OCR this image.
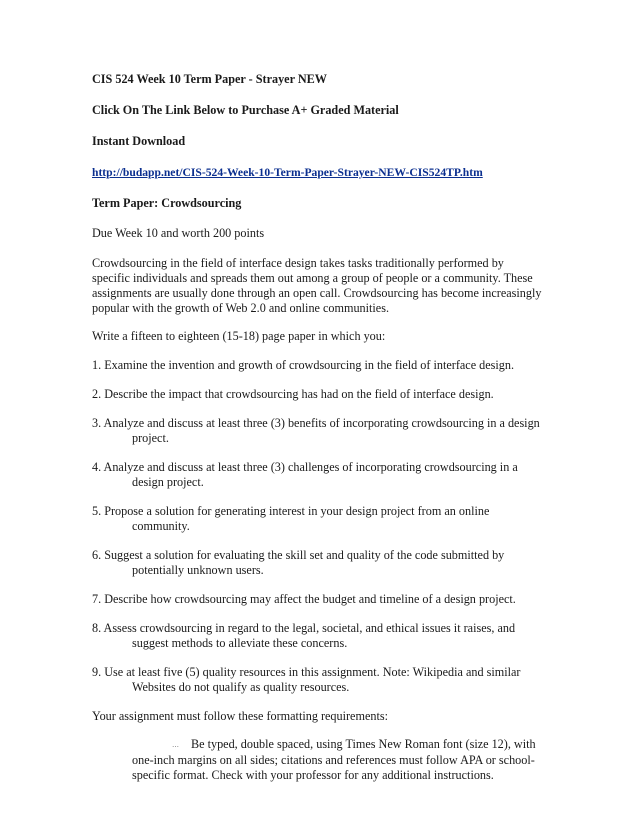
CIS 524 Week 10 Term Paper - Strayer NEW

Click On The Link Below to Purchase A+ Graded Material

Instant Download

http://budapp.net/CIS-524-Week-10-Term-Paper-Strayer-NEW-CIS524TP.htm

Term Paper: Crowdsourcing

Due Week 10 and worth 200 points

Crowdsourcing in the field of interface design takes tasks traditionally performed by specific individuals and spreads them out among a group of people or a community. These assignments are usually done through an open call. Crowdsourcing has become increasingly popular with the growth of Web 2.0 and online communities.

Write a fifteen to eighteen (15-18) page paper in which you:

1. Examine the invention and growth of crowdsourcing in the field of interface design.

2. Describe the impact that crowdsourcing has had on the field of interface design.

3. Analyze and discuss at least three (3) benefits of incorporating crowdsourcing in a design project.

4. Analyze and discuss at least three (3) challenges of incorporating crowdsourcing in a design project.

5. Propose a solution for generating interest in your design project from an online community.

6. Suggest a solution for evaluating the skill set and quality of the code submitted by potentially unknown users.

7. Describe how crowdsourcing may affect the budget and timeline of a design project.

8. Assess crowdsourcing in regard to the legal, societal, and ethical issues it raises, and suggest methods to alleviate these concerns.

9. Use at least five (5) quality resources in this assignment. Note: Wikipedia and similar Websites do not qualify as quality resources.

Your assignment must follow these formatting requirements:

… Be typed, double spaced, using Times New Roman font (size 12), with one-inch margins on all sides; citations and references must follow APA or school-specific format. Check with your professor for any additional instructions.
